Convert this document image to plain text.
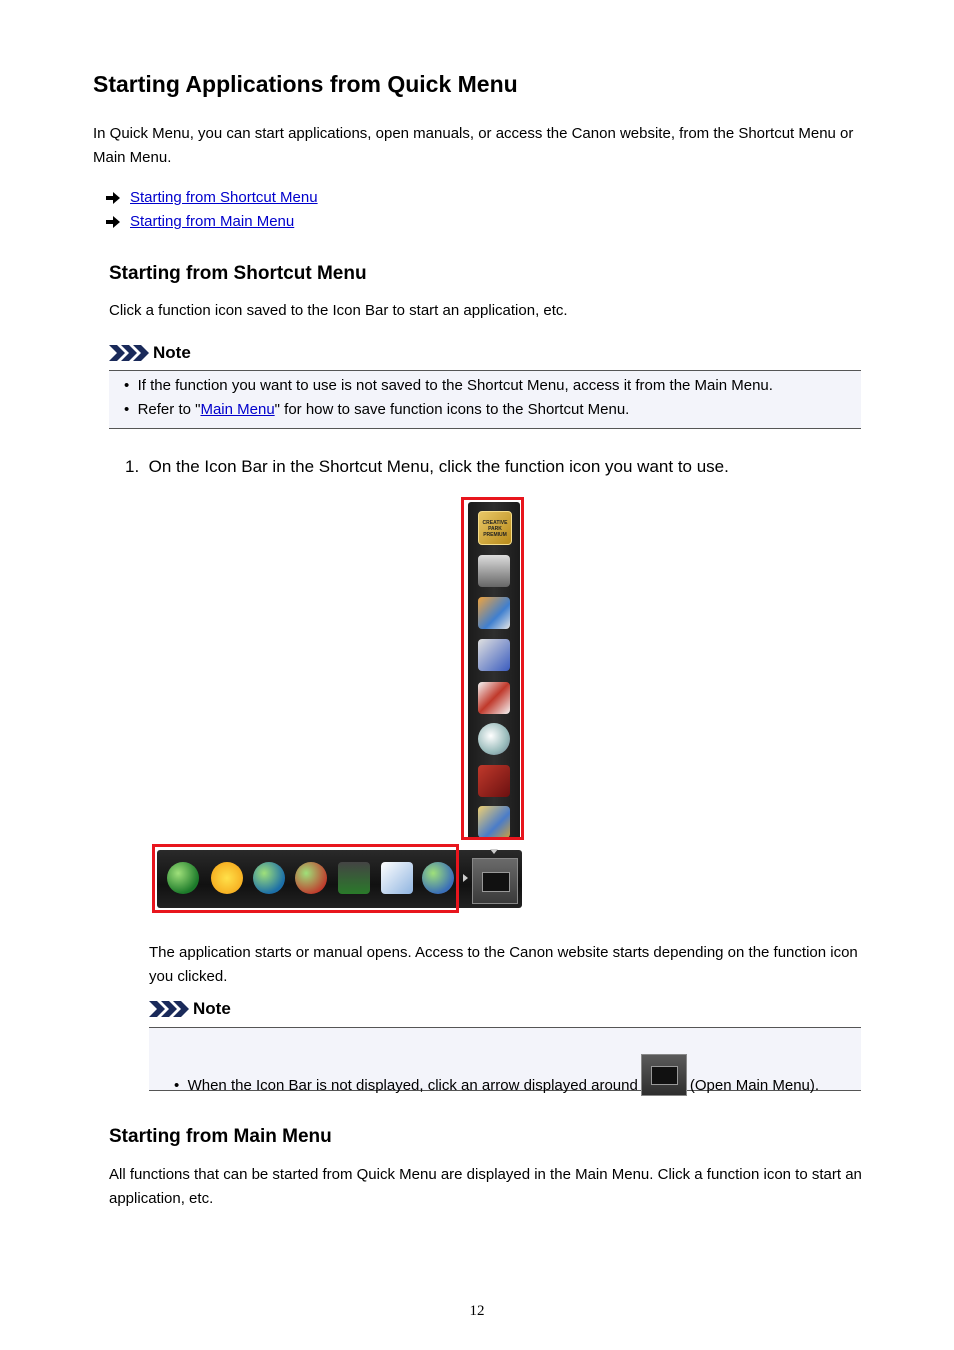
Starting Applications from Quick Menu

In Quick Menu, you can start applications, open manuals, or access the Canon website, from the Shortcut Menu or Main Menu.

Starting from Shortcut Menu
Starting from Main Menu
Starting from Shortcut Menu

Click a function icon saved to the Icon Bar to start an application, etc.

Note
•  If the function you want to use is not saved to the Shortcut Menu, access it from the Main Menu.
•  Refer to "Main Menu" for how to save function icons to the Shortcut Menu.
1. On the Icon Bar in the Shortcut Menu, click the function icon you want to use.
CREATIVE
PARK
PREMIUM

The application starts or manual opens. Access to the Canon website starts depending on the function icon you clicked.

Note
•  When the Icon Bar is not displayed, click an arrow displayed around	(Open Main Menu).
Starting from Main Menu

All functions that can be started from Quick Menu are displayed in the Main Menu. Click a function icon to start an application, etc.

12
